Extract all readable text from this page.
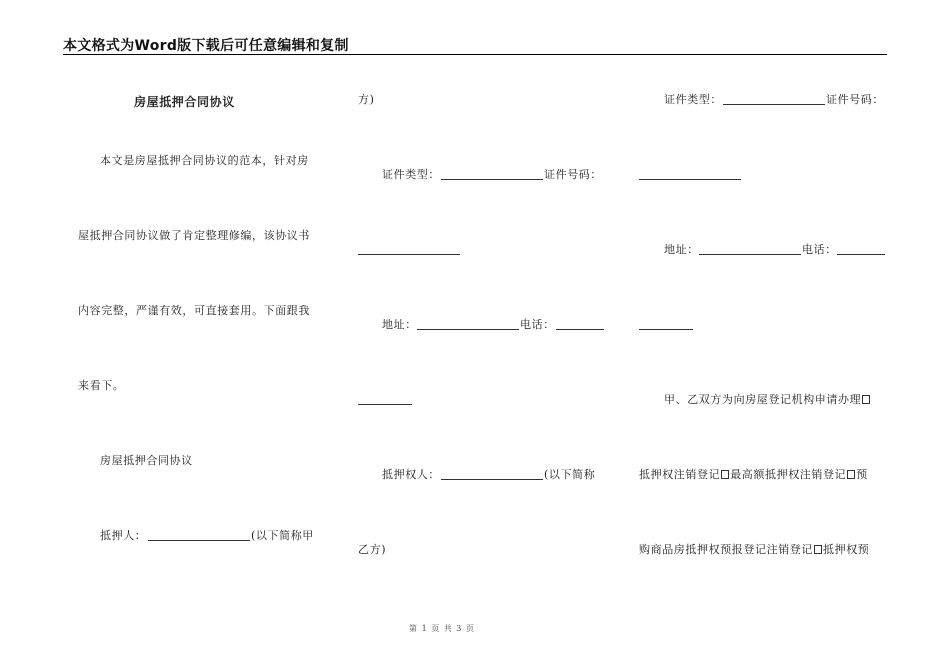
本文格式为Word版下载后可任意编辑和复制
房屋抵押合同协议
本文是房屋抵押合同协议的范本，针对房
屋抵押合同协议做了肯定整理修编，该协议书
内容完整，严谨有效，可直接套用。下面跟我
来看下。
房屋抵押合同协议
抵押人：	(以下简称甲
方)
证件类型：	证件号码：
地址：	电话：
抵押权人：	(以下简称
乙方)
证件类型：	证件号码：
地址：	电话：
甲、乙双方为向房屋登记机构申请办理
抵押权注销登记 最高额抵押权注销登记 预
购商品房抵押权预报登记注销登记 抵押权预
第 1 页 共 3 页
